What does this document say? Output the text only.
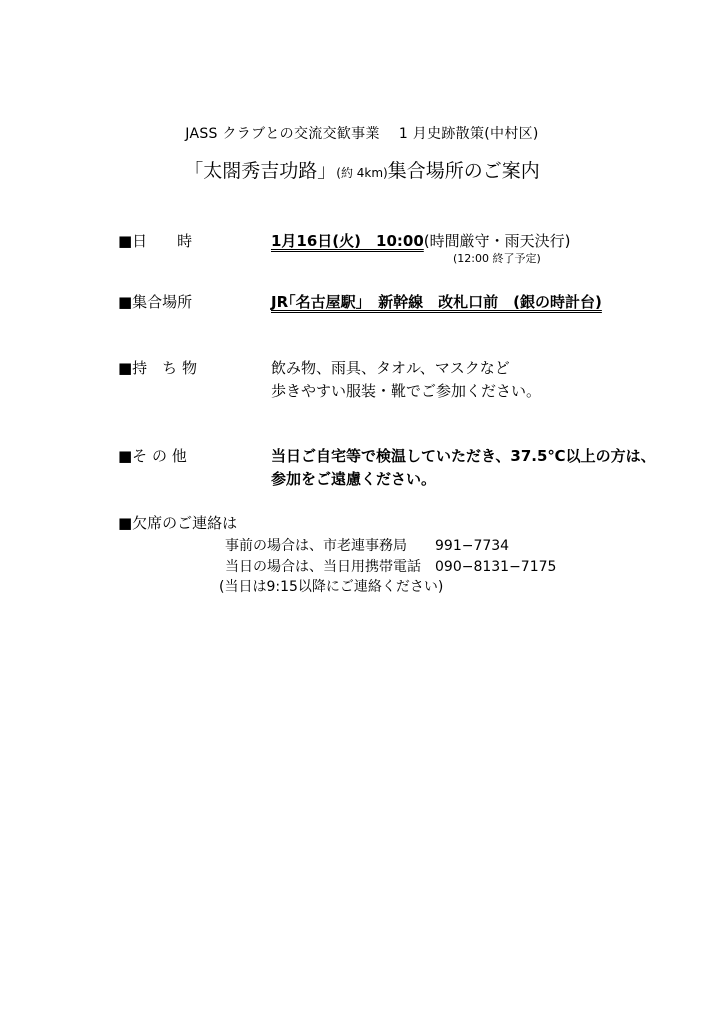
JASS クラブとの交流交歓事業　 1 月史跡散策(中村区)
「太閤秀吉功路」(約 4km)集合場所のご案内
■日　　時	1月16日(火)　10:00(時間厳守・雨天決行)
(12:00 終了予定)
■集合場所	JR｢名古屋駅｣　新幹線　改札口前　(銀の時計台)
■持　ち 物	飲み物、雨具、タオル、マスクなど
歩きやすい服装・靴でご参加ください。
■そ の 他	当日ご自宅等で検温していただき、37.5℃以上の方は、
参加をご遠慮ください。
■欠席のご連絡は
事前の場合は、市老連事務局　　991−7734
当日の場合は、当日用携帯電話　090−8131−7175
(当日は9:15以降にご連絡ください)
